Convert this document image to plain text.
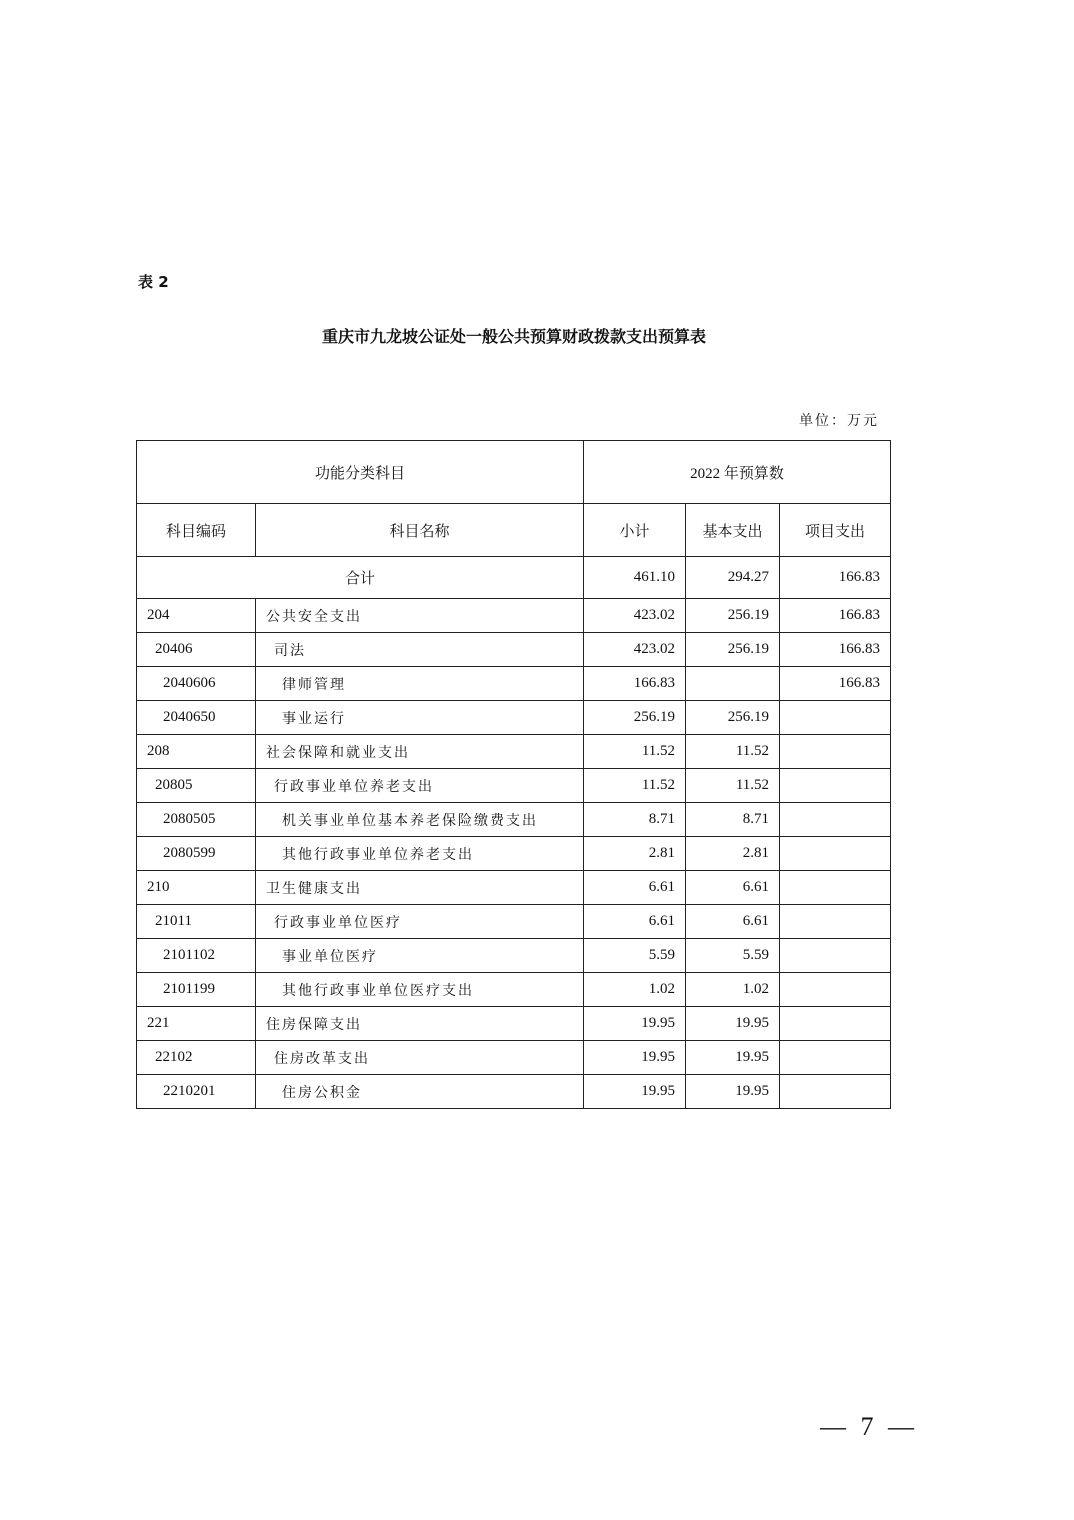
表 2
重庆市九龙坡公证处一般公共预算财政拨款支出预算表
单位：万元
功能分类科目		2022 年预算数		
科目编码	科目名称	小计	基本支出	项目支出
合计		461.10	294.27	166.83
204	公共安全支出	423.02	256.19	166.83
20406	司法	423.02	256.19	166.83
2040606	律师管理	166.83		166.83
2040650	事业运行	256.19	256.19	
208	社会保障和就业支出	11.52	11.52	
20805	行政事业单位养老支出	11.52	11.52	
2080505	机关事业单位基本养老保险缴费支出	8.71	8.71	
2080599	其他行政事业单位养老支出	2.81	2.81	
210	卫生健康支出	6.61	6.61	
21011	行政事业单位医疗	6.61	6.61	
2101102	事业单位医疗	5.59	5.59	
2101199	其他行政事业单位医疗支出	1.02	1.02	
221	住房保障支出	19.95	19.95	
22102	住房改革支出	19.95	19.95	
2210201	住房公积金	19.95	19.95	
— 7 —
